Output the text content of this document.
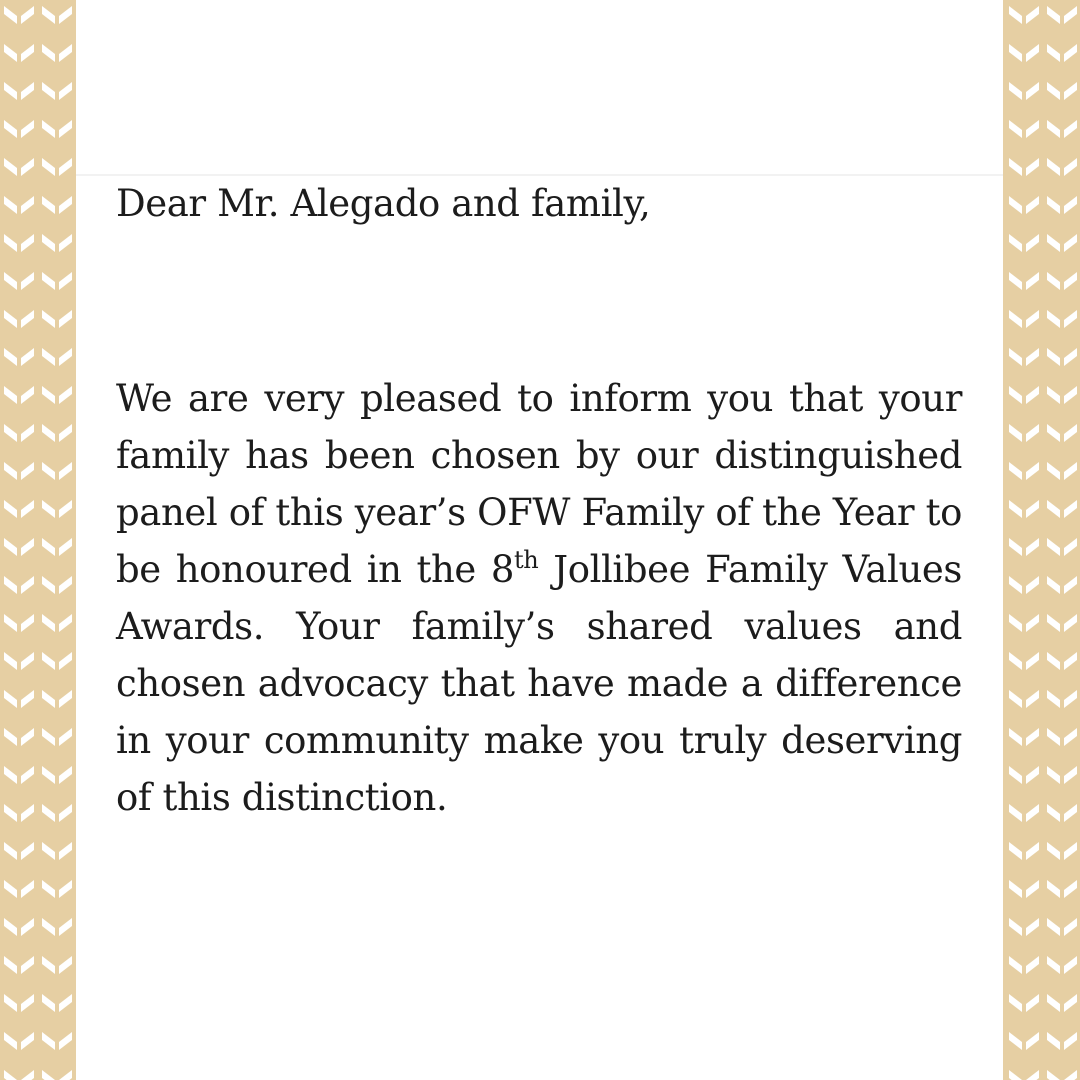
Dear Mr. Alegado and family,

We are very pleased to inform you that your family has been chosen by our distinguished panel of this year’s OFW Family of the Year to be honoured in the 8th Jollibee Family Values Awards. Your family’s shared values and chosen advocacy that have made a difference in your community make you truly deserving of this distinction.
